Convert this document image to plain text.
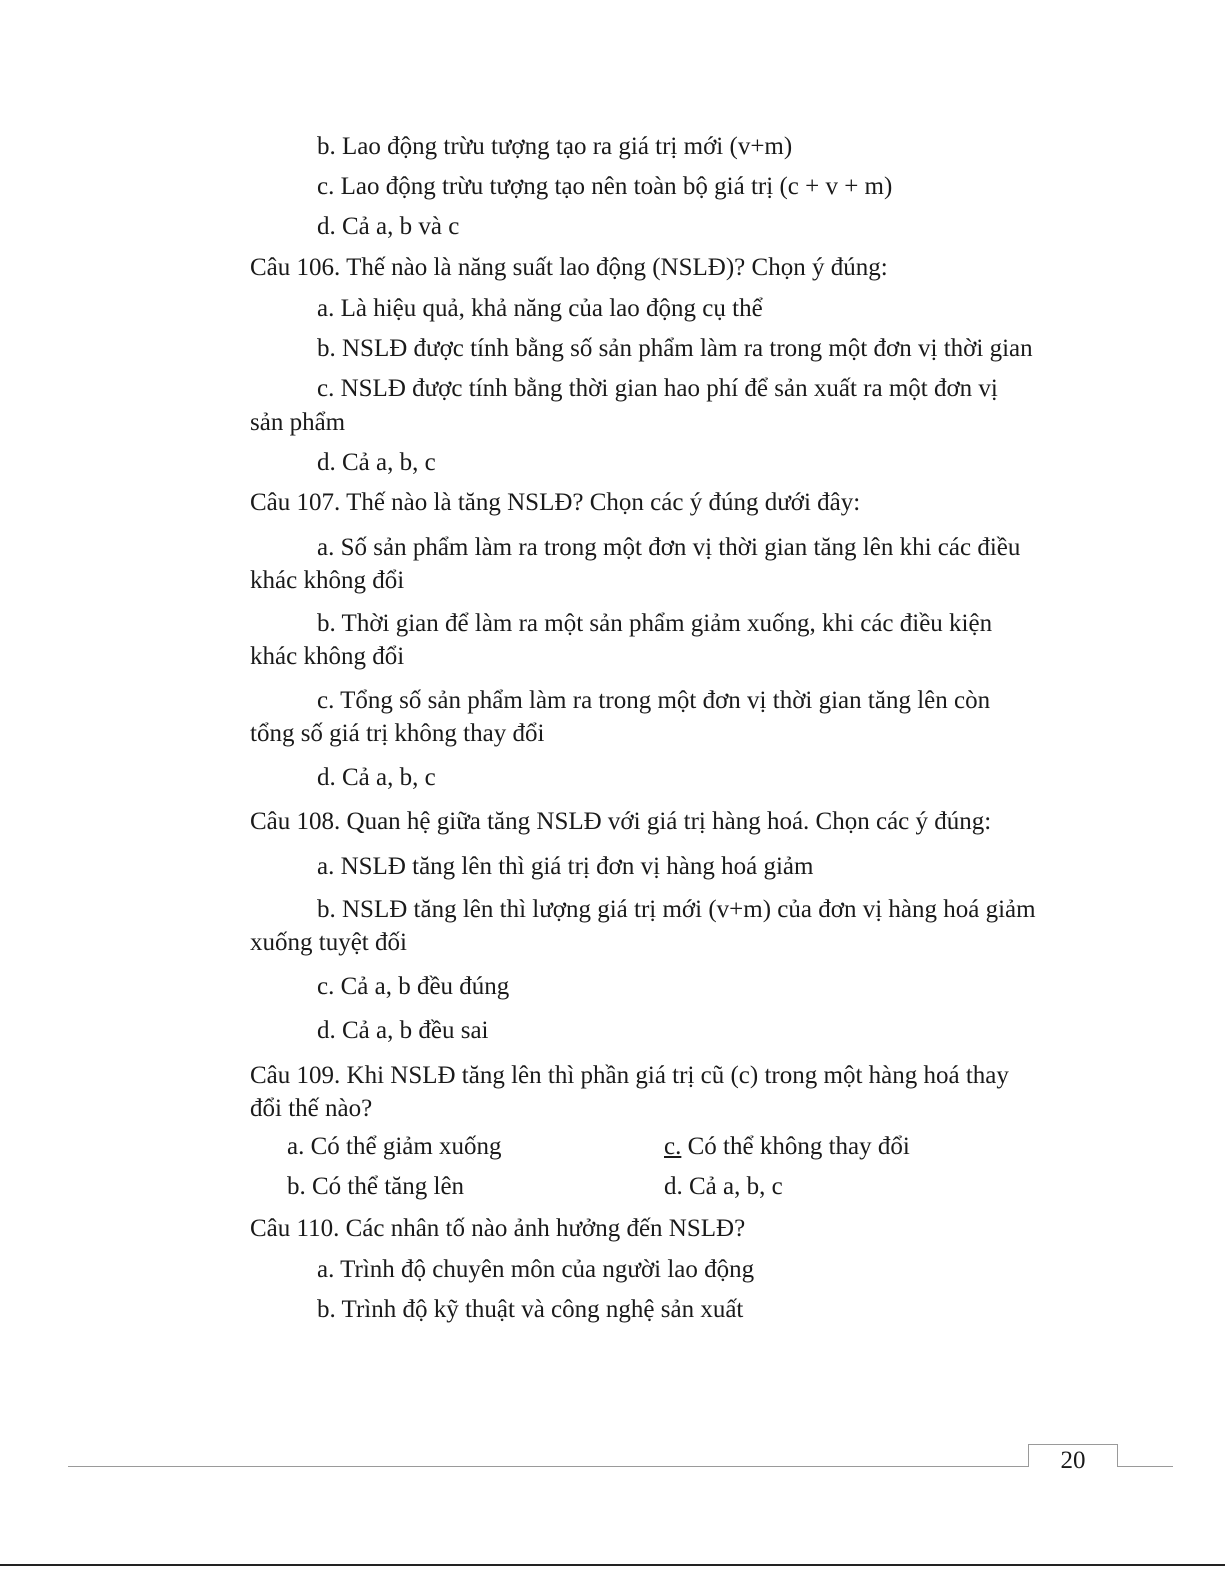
b. Lao động trừu tượng tạo ra giá trị mới (v+m)
c. Lao động trừu tượng tạo nên toàn bộ giá trị (c + v + m)
d. Cả a, b và c
Câu 106. Thế nào là năng suất lao động (NSLĐ)? Chọn ý đúng:
a. Là hiệu quả, khả năng của lao động cụ thể
b. NSLĐ được tính bằng số sản phẩm làm ra trong một đơn vị thời gian
c. NSLĐ được tính bằng thời gian hao phí để sản xuất ra một đơn vị
sản phẩm
d. Cả a, b, c
Câu 107. Thế nào là tăng NSLĐ? Chọn các ý đúng dưới đây:
a. Số sản phẩm làm ra trong một đơn vị thời gian tăng lên khi các điều
khác không đổi
b. Thời gian để làm ra một sản phẩm giảm xuống, khi các điều kiện
khác không đổi
c. Tổng số sản phẩm làm ra trong một đơn vị thời gian tăng lên còn
tổng số giá trị không thay đổi
d. Cả a, b, c
Câu 108. Quan hệ giữa tăng NSLĐ với giá trị hàng hoá. Chọn các ý đúng:
a. NSLĐ tăng lên thì giá trị đơn vị hàng hoá giảm
b. NSLĐ tăng lên thì lượng giá trị mới (v+m) của đơn vị hàng hoá giảm
xuống tuyệt đối
c. Cả a, b đều đúng
d. Cả a, b đều sai
Câu 109. Khi NSLĐ tăng lên thì phần giá trị cũ (c) trong một hàng hoá thay
đổi thế nào?
a. Có thể giảm xuống	c. Có thể không thay đổi
b. Có thể tăng lên	d. Cả a, b, c
Câu 110. Các nhân tố nào ảnh hưởng đến NSLĐ?
a. Trình độ chuyên môn của người lao động
b. Trình độ kỹ thuật và công nghệ sản xuất
20
